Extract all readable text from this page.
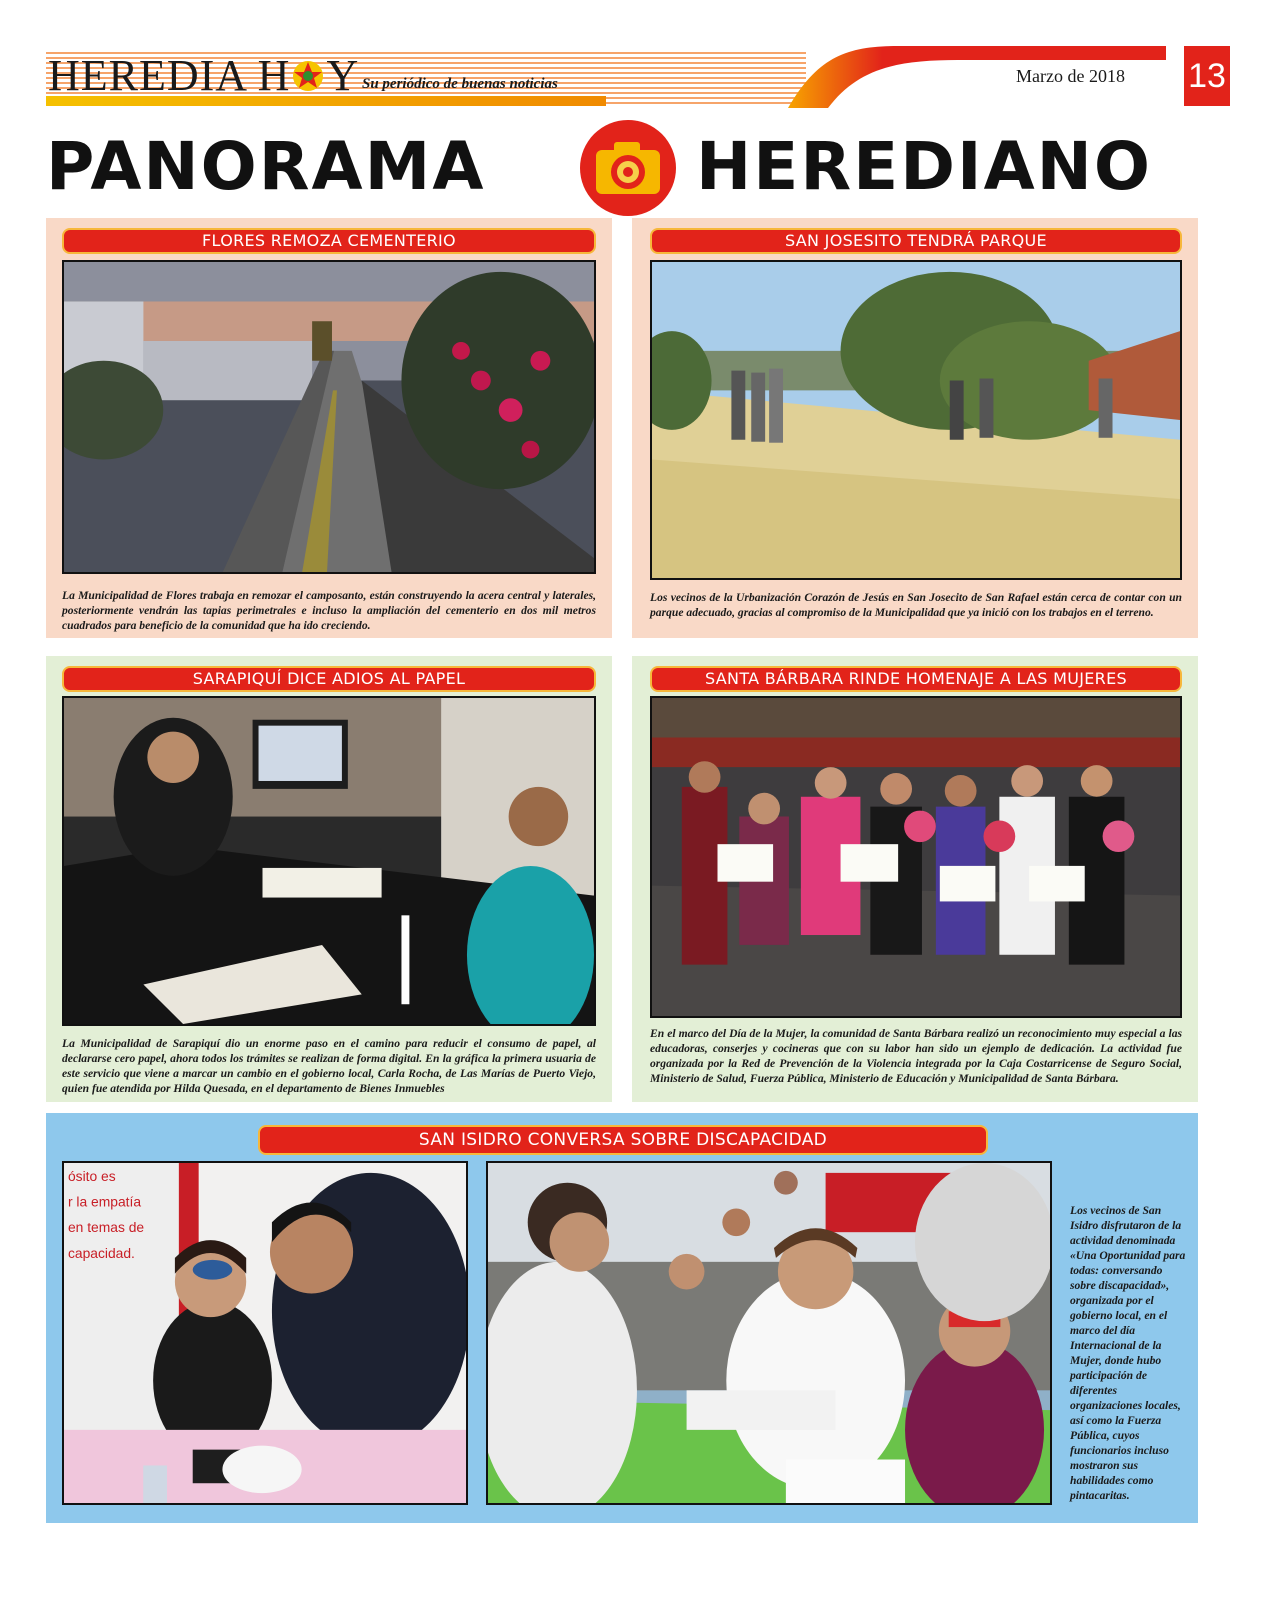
HEREDIA H Y Su periódico de buenas noticias	Marzo de 2018 13
PANORAMA	HEREDIANO
FLORES REMOZA CEMENTERIO
La Municipalidad de Flores trabaja en remozar el camposanto, están construyendo la acera central y laterales, posteriormente vendrán las tapias perimetrales e incluso la ampliación del cementerio en dos mil metros cuadrados para beneficio de la comunidad que ha ido creciendo.
SAN JOSESITO TENDRÁ PARQUE
Los vecinos de la Urbanización Corazón de Jesús en San Josecito de San Rafael están cerca de contar con un parque adecuado, gracias al compromiso de la Municipalidad que ya inició con los trabajos en el terreno.
SARAPIQUÍ DICE ADIOS AL PAPEL
La Municipalidad de Sarapiquí dio un enorme paso en el camino para reducir el consumo de papel, al declararse cero papel, ahora todos los trámites se realizan de forma digital. En la gráfica la primera usuaria de este servicio que viene a marcar un cambio en el gobierno local, Carla Rocha, de Las Marías de Puerto Viejo, quien fue atendida por Hilda Quesada, en el departamento de Bienes Inmuebles
SANTA BÁRBARA RINDE HOMENAJE A LAS MUJERES
En el marco del Día de la Mujer, la comunidad de Santa Bárbara realizó un reconocimiento muy especial a las educadoras, conserjes y cocineras que con su labor han sido un ejemplo de dedicación. La actividad fue organizada por la Red de Prevención de la Violencia integrada por la Caja Costarricense de Seguro Social, Ministerio de Salud, Fuerza Pública, Ministerio de Educación y Municipalidad de Santa Bárbara.
SAN ISIDRO CONVERSA SOBRE DISCAPACIDAD
ósito es
r la empatía
en temas de
capacidad.
Los vecinos de San Isidro disfrutaron de la actividad denominada «Una Oportunidad para todas: conversando sobre discapacidad», organizada por el gobierno local, en el marco del día Internacional de la Mujer, donde hubo participación de diferentes organizaciones locales, así como la Fuerza Pública, cuyos funcionarios incluso mostraron sus habilidades como pintacaritas.
